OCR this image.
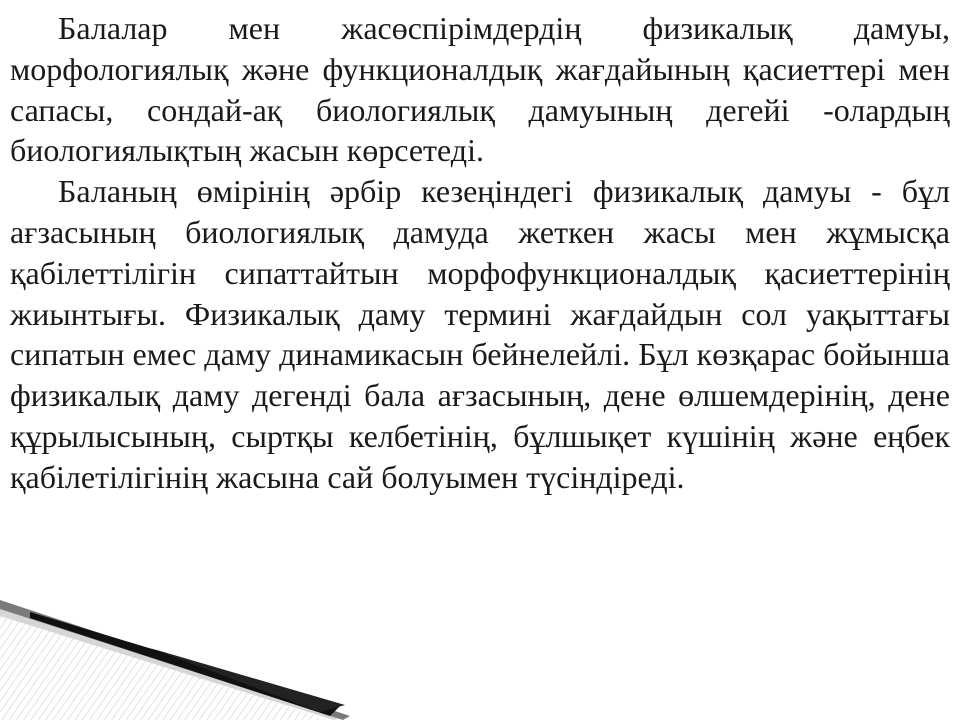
Балалар мен жасөспірімдердің физикалық дамуы, морфологиялық және функционалдық жағдайының қасиеттері мен сапасы, сондай-ақ биологиялық дамуының дегейі -олардың биологиялықтың жасын көрсетеді.

Баланың өмірінің әрбір кезеңіндегі физикалық дамуы - бұл ағзасының биологиялық дамуда жеткен жасы мен жұмысқа қабілеттілігін сипаттайтын морфофункционалдық қасиеттерінің жиынтығы. Физикалық даму термині жағдайдын сол уақыттағы сипатын емес даму динамикасын бейнелейлі. Бұл көзқарас бойынша физикалық даму дегенді бала ағзасының, дене өлшемдерінің, дене құрылысының, сыртқы келбетінің, бұлшықет күшінің және еңбек қабілетілігінің жасына сай болуымен түсіндіреді.
